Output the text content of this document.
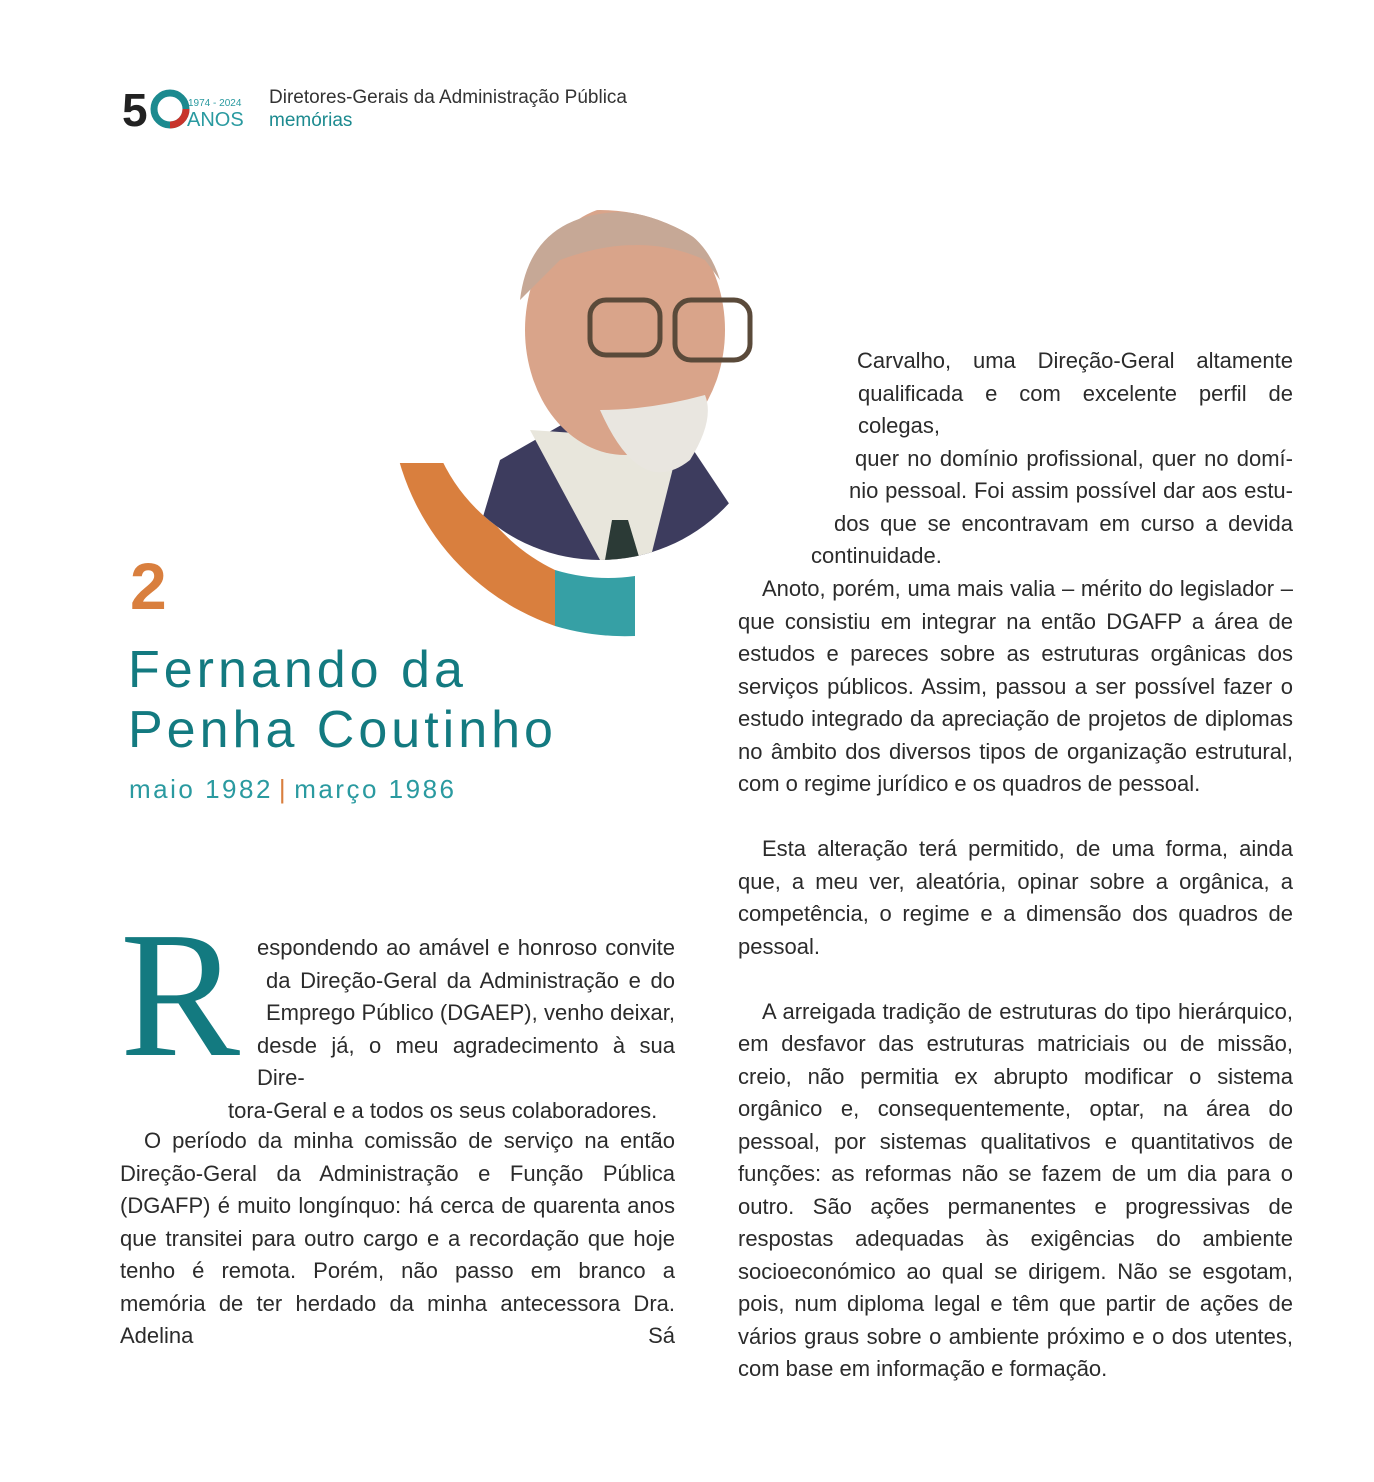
5	1974 - 2024
ANOS
Diretores-Gerais da Administração Pública
memórias
2
Fernando da
Penha Coutinho
maio 1982 | março 1986
R espondendo ao amável e honroso convite
da Direção-Geral da Administração e do
Emprego Público (DGAEP), venho deixar,
desde já, o meu agradecimento à sua Dire-
tora-Geral e a todos os seus colaboradores.

O período da minha comissão de serviço na então Direção-Geral da Administração e Função Pública (DGAFP) é muito longínquo: há cerca de quarenta anos que transitei para outro cargo e a recordação que hoje tenho é remota. Porém, não passo em branco a memória de ter herdado da minha antecessora Dra. Adelina Sá

Carvalho, uma Direção-Geral altamente
qualificada e com excelente perfil de colegas,
quer no domínio profissional, quer no domí-
nio pessoal. Foi assim possível dar aos estu-
dos que se encontravam em curso a devida
continuidade.

Anoto, porém, uma mais valia – mérito do legislador – que consistiu em integrar na então DGAFP a área de estudos e pareces sobre as estruturas orgânicas dos serviços públicos. Assim, passou a ser possível fazer o estudo integrado da apreciação de projetos de diplomas no âmbito dos diversos tipos de organização estrutural, com o regime jurídico e os quadros de pessoal.

Esta alteração terá permitido, de uma forma, ainda que, a meu ver, aleatória, opinar sobre a orgânica, a competência, o regime e a dimensão dos quadros de pessoal.

A arreigada tradição de estruturas do tipo hierárquico, em desfavor das estruturas matriciais ou de missão, creio, não permitia ex abrupto modificar o sistema orgânico e, consequentemente, optar, na área do pessoal, por sistemas qualitativos e quantitativos de funções: as reformas não se fazem de um dia para o outro. São ações permanentes e progressivas de respostas adequadas às exigências do ambiente socioeconómico ao qual se dirigem. Não se esgotam, pois, num diploma legal e têm que partir de ações de vários graus sobre o ambiente próximo e o dos utentes, com base em informação e formação.
